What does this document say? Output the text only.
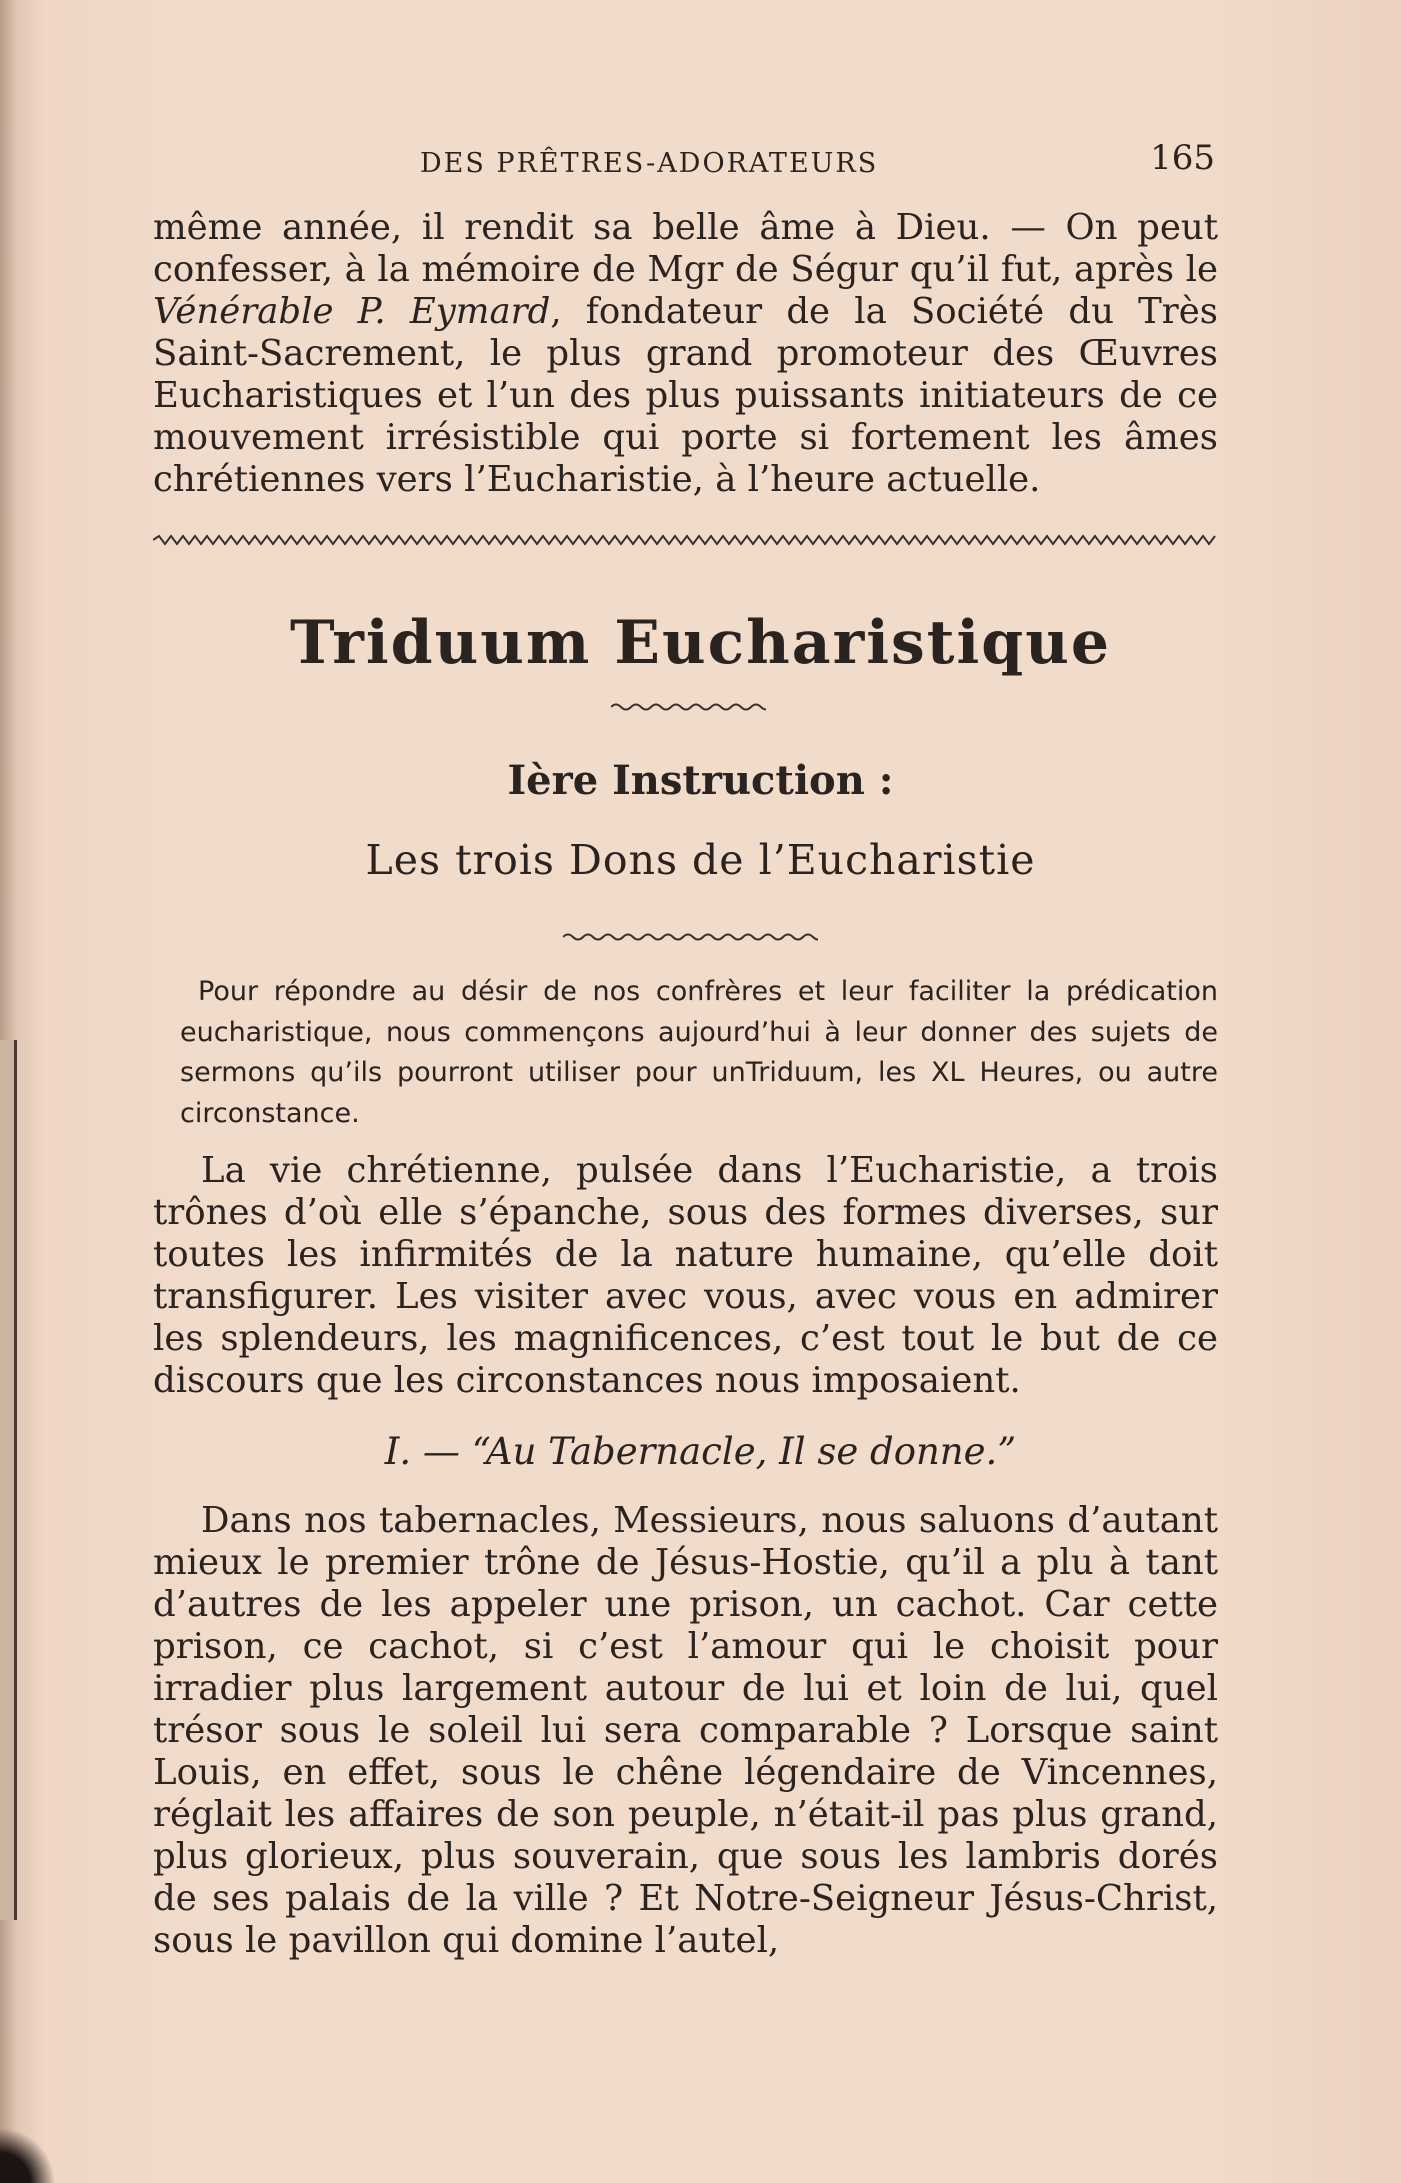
DES PRÊTRES-ADORATEURS	165
même année, il rendit sa belle âme à Dieu. — On peut confesser, à la mémoire de Mgr de Ségur qu’il fut, après le Vénérable P. Eymard, fondateur de la Société du Très Saint-Sacrement, le plus grand promoteur des Œuvres Eucharistiques et l’un des plus puissants initiateurs de ce mouvement irrésistible qui porte si fortement les âmes chrétiennes vers l’Eucharistie, à l’heure actuelle.
Triduum Eucharistique
Ière Instruction :
Les trois Dons de l’Eucharistie
Pour répondre au désir de nos confrères et leur faciliter la prédication eucharistique, nous commençons aujourd’hui à leur donner des sujets de sermons qu’ils pourront utiliser pour unTriduum, les XL Heures, ou autre circonstance.
La vie chrétienne, pulsée dans l’Eucharistie, a trois trônes d’où elle s’épanche, sous des formes diverses, sur toutes les infirmités de la nature humaine, qu’elle doit transfigurer. Les visiter avec vous, avec vous en admirer les splendeurs, les magnificences, c’est tout le but de ce discours que les circonstances nous imposaient.
I. — “Au Tabernacle, Il se donne.”
Dans nos tabernacles, Messieurs, nous saluons d’autant mieux le premier trône de Jésus-Hostie, qu’il a plu à tant d’autres de les appeler une prison, un cachot. Car cette prison, ce cachot, si c’est l’amour qui le choisit pour irradier plus largement autour de lui et loin de lui, quel trésor sous le soleil lui sera comparable ? Lorsque saint Louis, en effet, sous le chêne légendaire de Vincennes, réglait les affaires de son peuple, n’était-il pas plus grand, plus glorieux, plus souverain, que sous les lambris dorés de ses palais de la ville ? Et Notre-Seigneur Jésus-Christ, sous le pavillon qui domine l’autel,
